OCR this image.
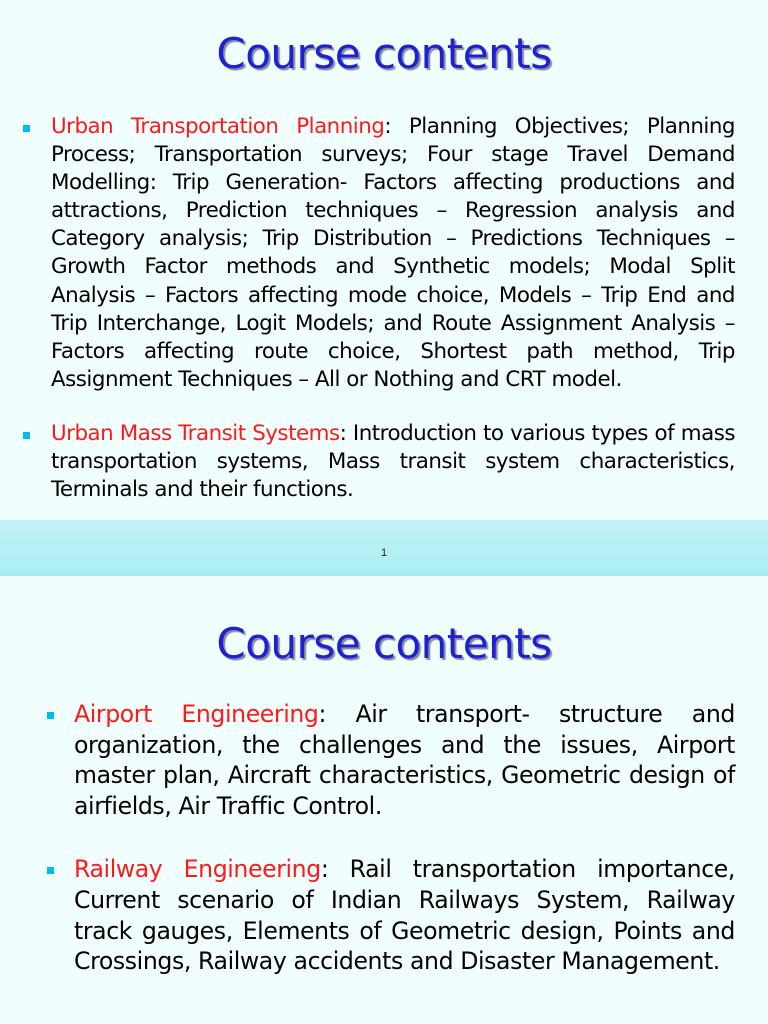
Course contents
Urban Transportation Planning: Planning Objectives; Planning Process; Transportation surveys; Four stage Travel Demand Modelling: Trip Generation- Factors affecting productions and attractions, Prediction techniques – Regression analysis and Category analysis; Trip Distribution – Predictions Techniques – Growth Factor methods and Synthetic models; Modal Split Analysis – Factors affecting mode choice, Models – Trip End and Trip Interchange, Logit Models; and Route Assignment Analysis – Factors affecting route choice, Shortest path method, Trip Assignment Techniques – All or Nothing and CRT model.
Urban Mass Transit Systems: Introduction to various types of mass transportation systems, Mass transit system characteristics, Terminals and their functions.
1
Course contents
Airport Engineering: Air transport- structure and organization, the challenges and the issues, Airport master plan, Aircraft characteristics, Geometric design of airfields, Air Traffic Control.
Railway Engineering: Rail transportation importance, Current scenario of Indian Railways System, Railway track gauges, Elements of Geometric design, Points and Crossings, Railway accidents and Disaster Management.
